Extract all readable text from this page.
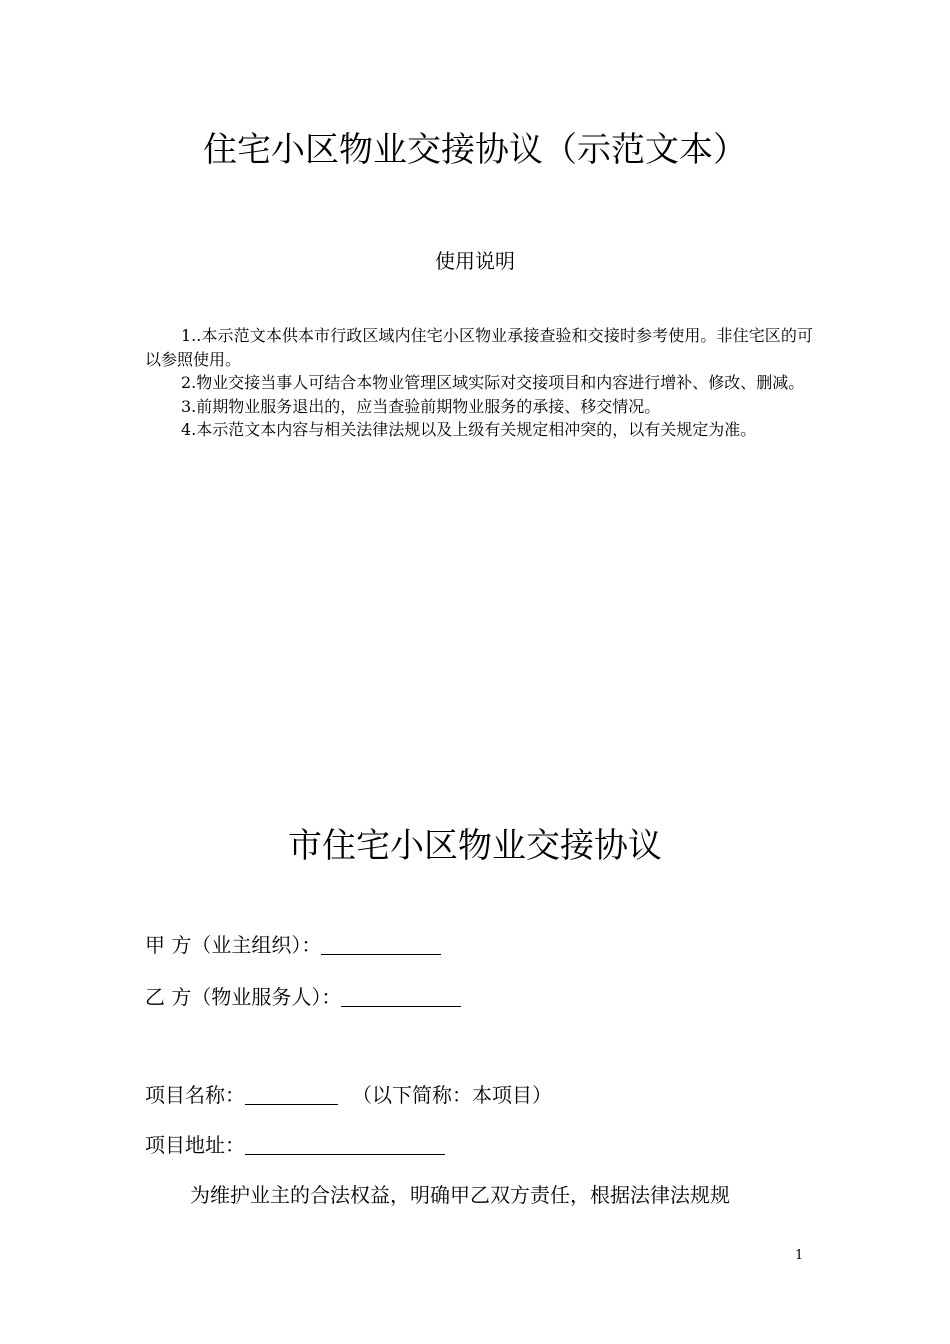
住宅小区物业交接协议（示范文本）
使用说明

1..本示范文本供本市行政区域内住宅小区物业承接查验和交接时参考使用。非住宅区的可以参照使用。

2.物业交接当事人可结合本物业管理区域实际对交接项目和内容进行增补、修改、删减。

3.前期物业服务退出的，应当查验前期物业服务的承接、移交情况。

4.本示范文本内容与相关法律法规以及上级有关规定相冲突的，以有关规定为准。

市住宅小区物业交接协议
甲 方（业主组织）：
乙 方（物业服务人）：
项目名称：	（以下简称：本项目）
项目地址：
为维护业主的合法权益，明确甲乙双方责任，根据法律法规规
1
